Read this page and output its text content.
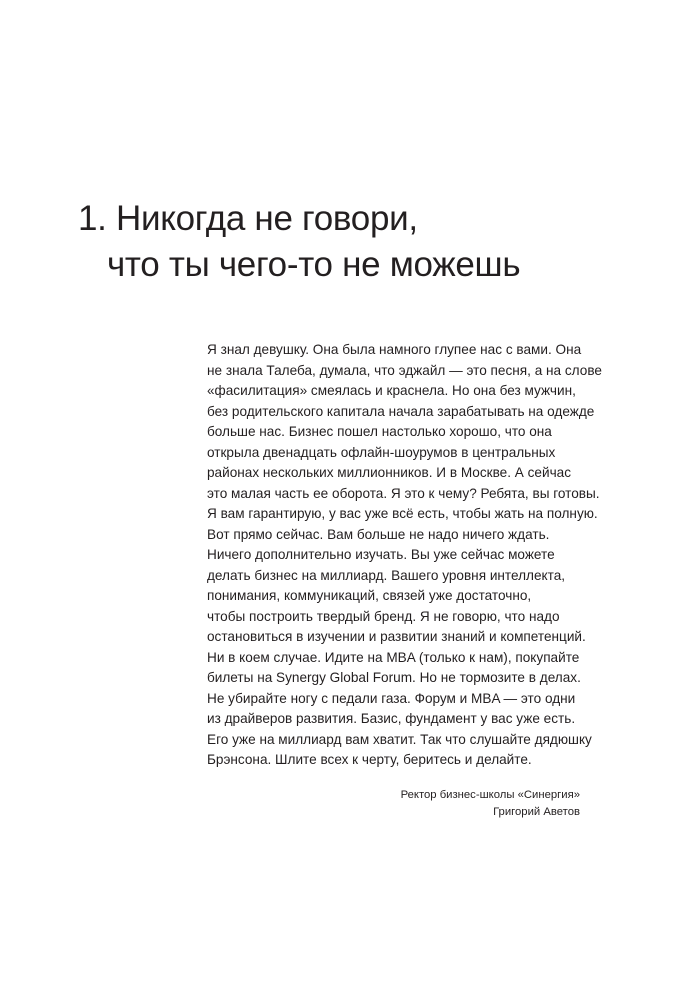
1. Никогда не говори,
что ты чего-то не можешь

Я знал девушку. Она была намного глупее нас с вами. Она
не знала Талеба, думала, что эджайл — это песня, а на слове
«фасилитация» смеялась и краснела. Но она без мужчин,
без родительского капитала начала зарабатывать на одежде
больше нас. Бизнес пошел настолько хорошо, что она
открыла двенадцать офлайн-шоурумов в центральных
районах нескольких миллионников. И в Москве. А сейчас
это малая часть ее оборота. Я это к чему? Ребята, вы готовы.
Я вам гарантирую, у вас уже всё есть, чтобы жать на полную.
Вот прямо сейчас. Вам больше не надо ничего ждать.
Ничего дополнительно изучать. Вы уже сейчас можете
делать бизнес на миллиард. Вашего уровня интеллекта,
понимания, коммуникаций, связей уже достаточно,
чтобы построить твердый бренд. Я не говорю, что надо
остановиться в изучении и развитии знаний и компетенций.
Ни в коем случае. Идите на MBA (только к нам), покупайте
билеты на Synergy Global Forum. Но не тормозите в делах.
Не убирайте ногу с педали газа. Форум и MBA — это одни
из драйверов развития. Базис, фундамент у вас уже есть.
Его уже на миллиард вам хватит. Так что слушайте дядюшку
Брэнсона. Шлите всех к черту, беритесь и делайте.

Ректор бизнес-школы «Синергия»
Григорий Аветов
